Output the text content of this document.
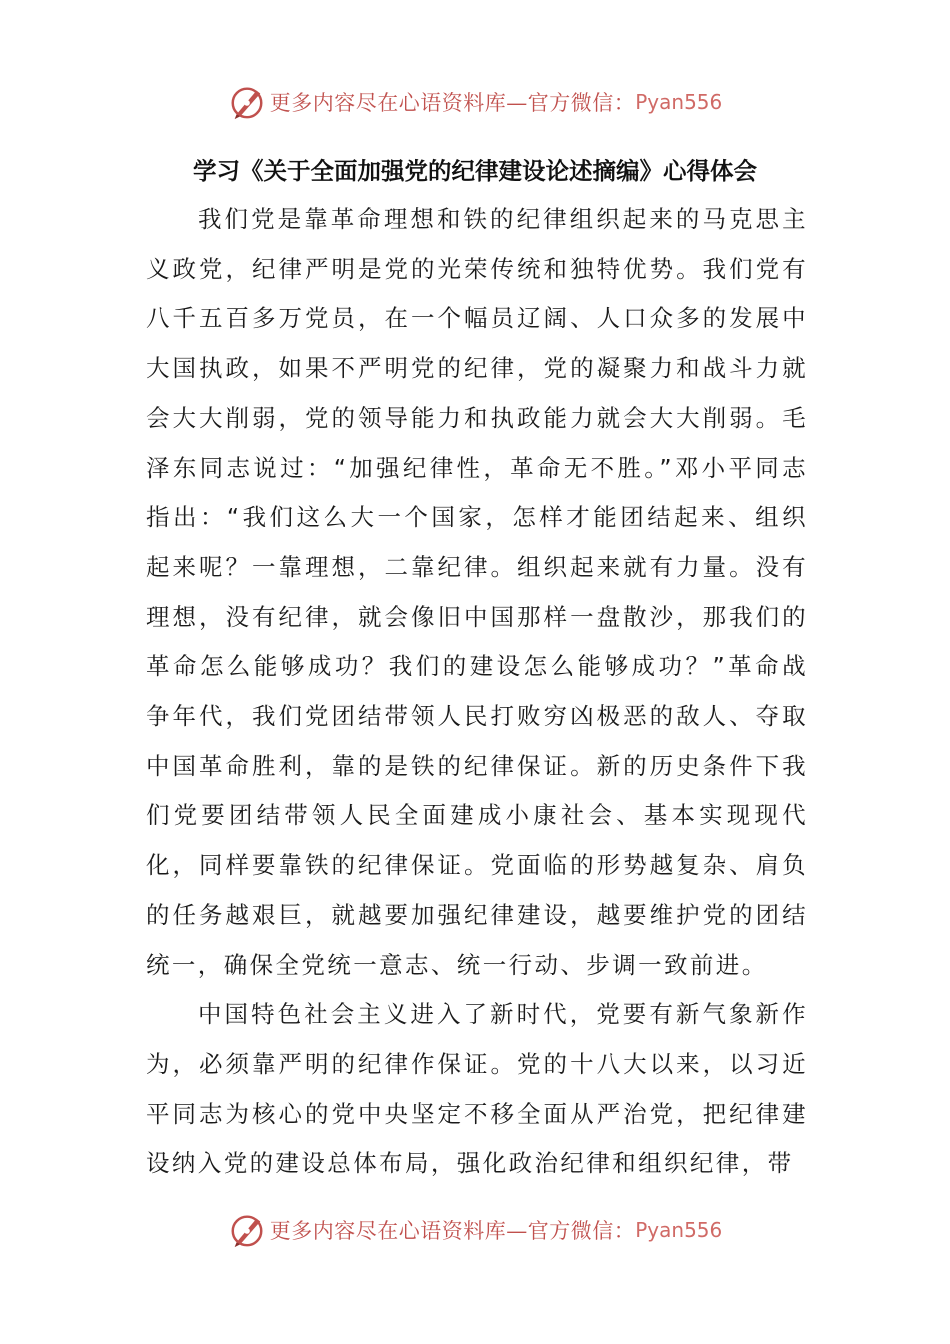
更多内容尽在心语资料库—官方微信： Pyan556
学习《关于全面加强党的纪律建设论述摘编》心得体会

我们党是靠革命理想和铁的纪律组织起来的马克思主义政党，纪律严明是党的光荣传统和独特优势。我们党有八千五百多万党员，在一个幅员辽阔、人口众多的发展中大国执政，如果不严明党的纪律，党的凝聚力和战斗力就会大大削弱，党的领导能力和执政能力就会大大削弱。毛泽东同志说过：“加强纪律性，革命无不胜。”邓小平同志指出：“我们这么大一个国家，怎样才能团结起来、组织起来呢？一靠理想，二靠纪律。组织起来就有力量。没有理想，没有纪律，就会像旧中国那样一盘散沙，那我们的革命怎么能够成功？我们的建设怎么能够成功？”革命战争年代，我们党团结带领人民打败穷凶极恶的敌人、夺取中国革命胜利，靠的是铁的纪律保证。新的历史条件下我们党要团结带领人民全面建成小康社会、基本实现现代化，同样要靠铁的纪律保证。党面临的形势越复杂、肩负的任务越艰巨，就越要加强纪律建设，越要维护党的团结统一，确保全党统一意志、统一行动、步调一致前进。

中国特色社会主义进入了新时代，党要有新气象新作为，必须靠严明的纪律作保证。党的十八大以来，以习近平同志为核心的党中央坚定不移全面从严治党，把纪律建设纳入党的建设总体布局，强化政治纪律和组织纪律，带

更多内容尽在心语资料库—官方微信： Pyan556
